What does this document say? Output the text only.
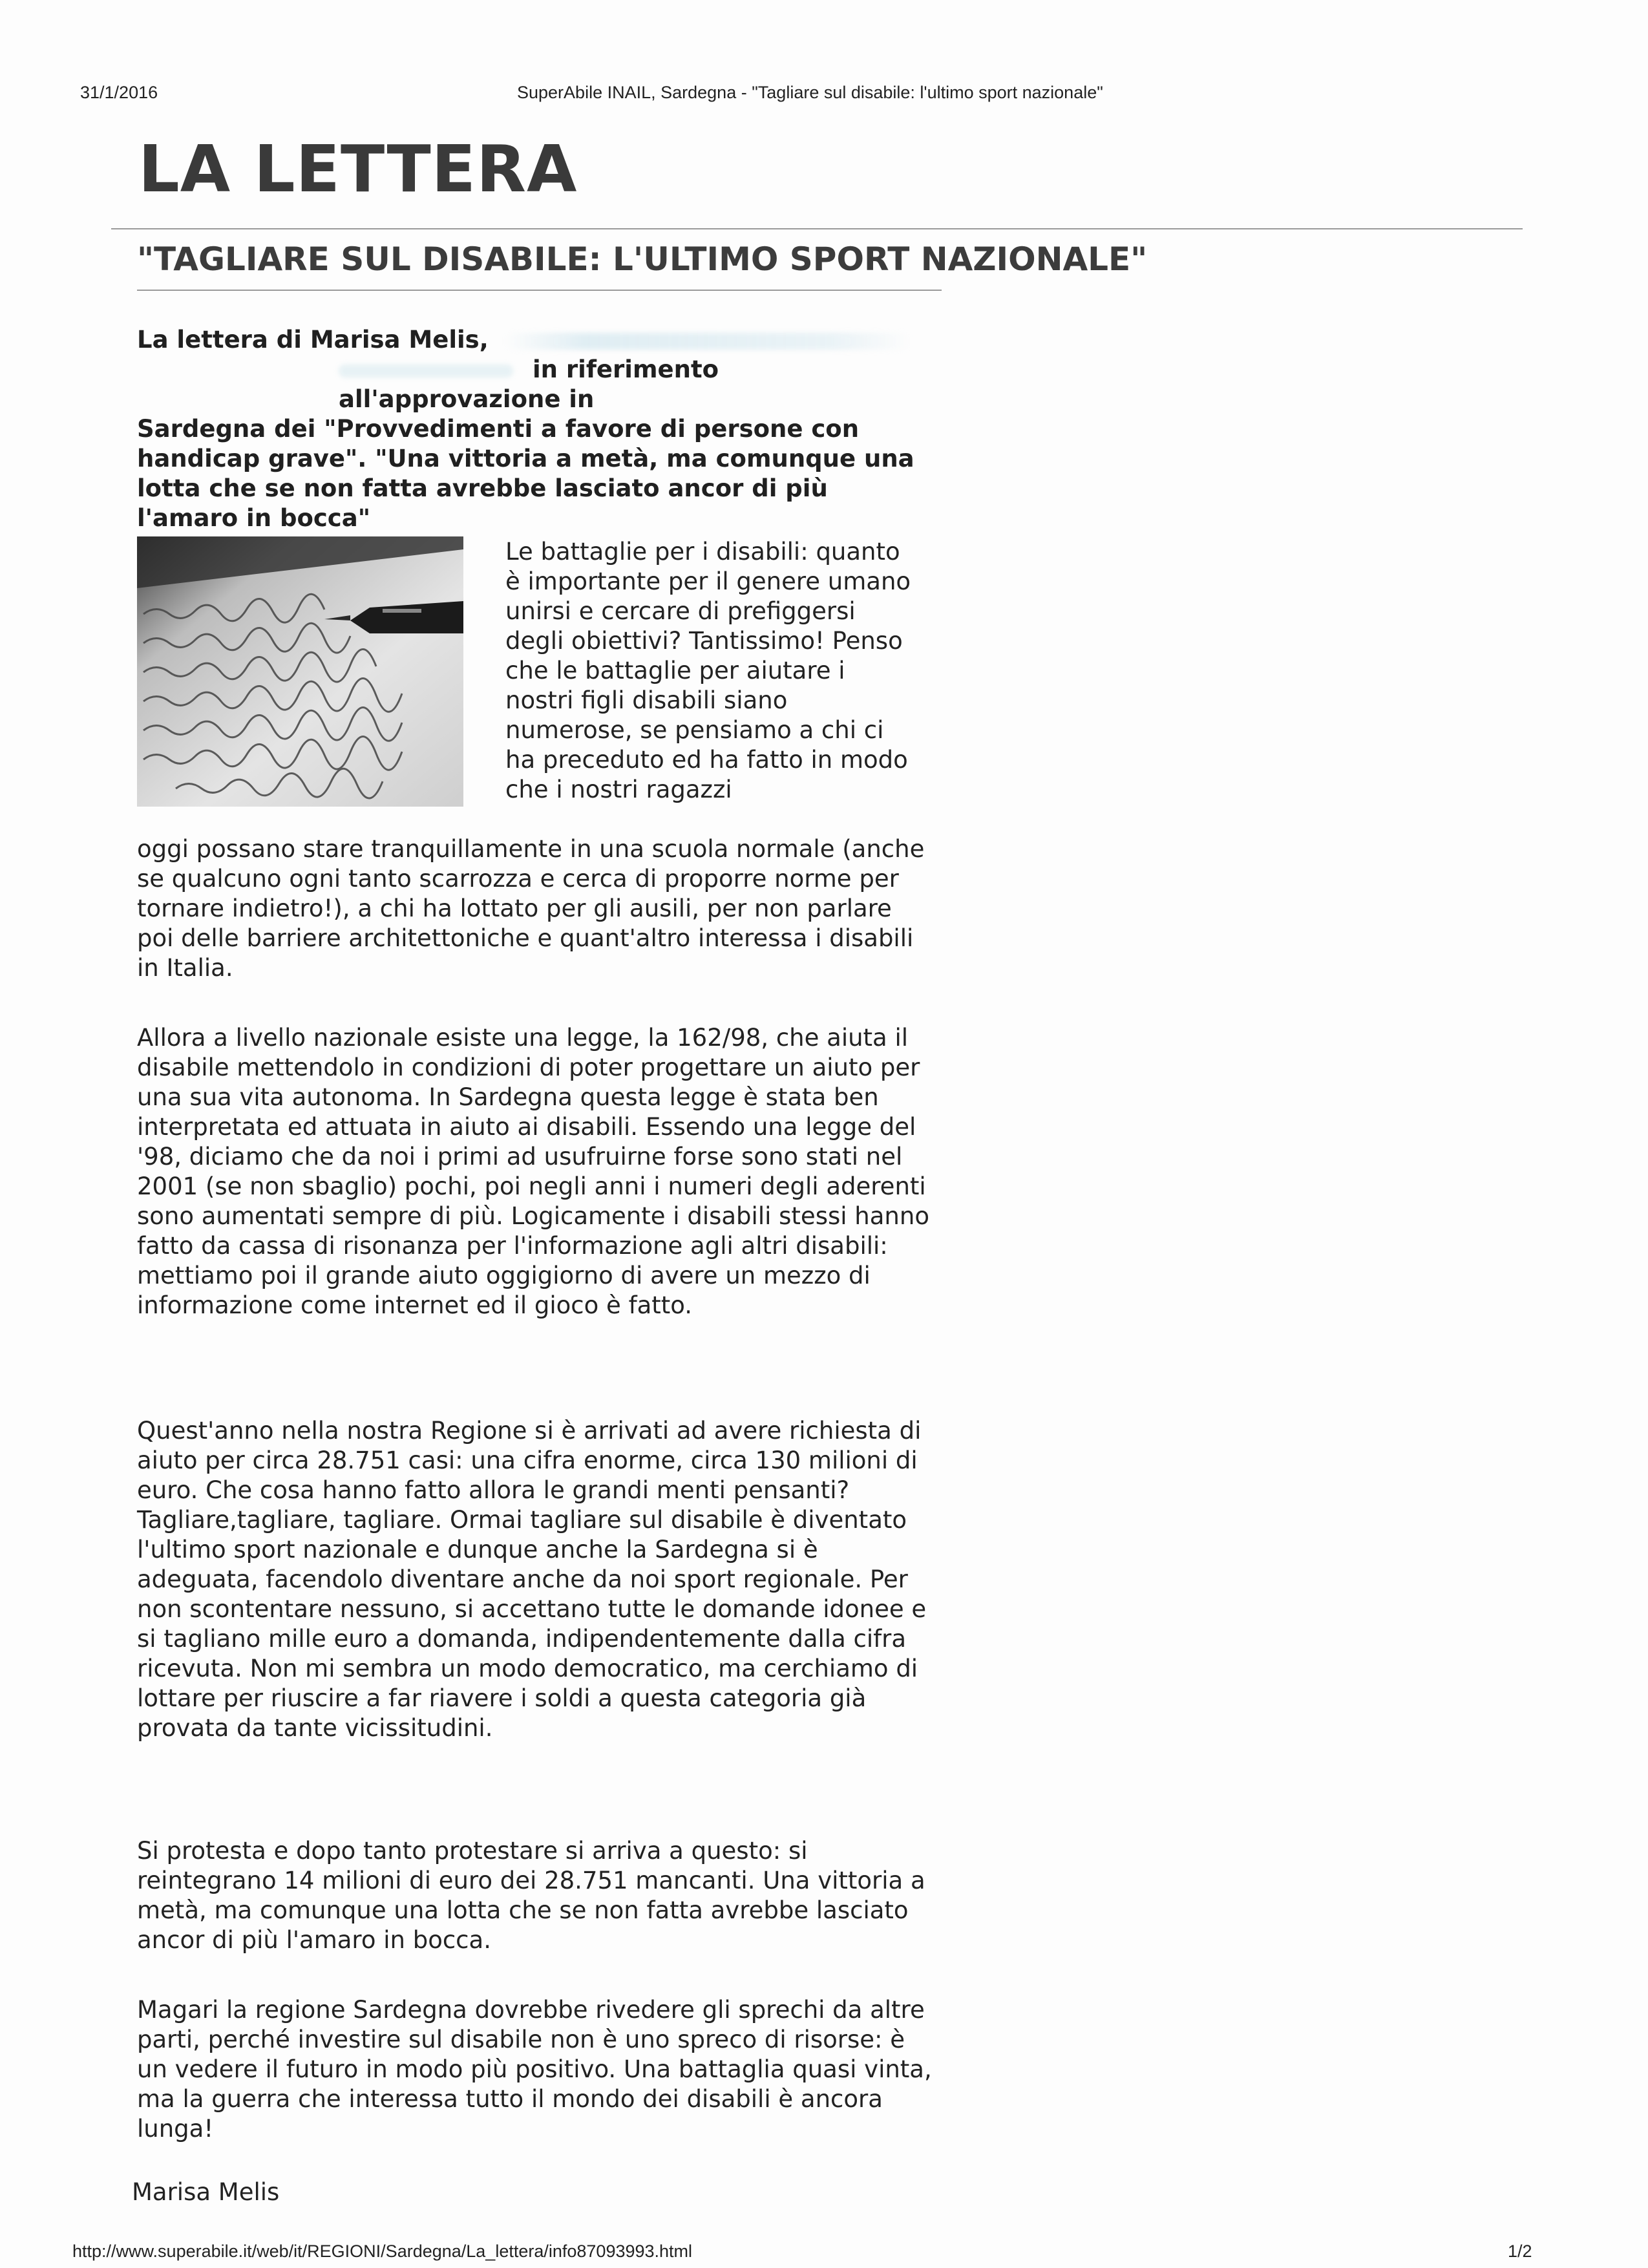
31/1/2016	SuperAbile INAIL, Sardegna - "Tagliare sul disabile: l'ultimo sport nazionale"
LA LETTERA
"TAGLIARE SUL DISABILE: L'ULTIMO SPORT NAZIONALE"

La lettera di Marisa Melis,

in riferimento all'approvazione in

Sardegna dei "Provvedimenti a favore di persone con handicap grave". "Una vittoria a metà, ma comunque una lotta che se non fatta avrebbe lasciato ancor di più l'amaro in bocca"

Le battaglie per i disabili: quanto è importante per il genere umano unirsi e cercare di prefiggersi degli obiettivi? Tantissimo! Penso che le battaglie per aiutare i nostri figli disabili siano numerose, se pensiamo a chi ci ha preceduto ed ha fatto in modo che i nostri ragazzi
oggi possano stare tranquillamente in una scuola normale (anche se qualcuno ogni tanto scarrozza e cerca di proporre norme per tornare indietro!), a chi ha lottato per gli ausili, per non parlare poi delle barriere architettoniche e quant'altro interessa i disabili in Italia.
Allora a livello nazionale esiste una legge, la 162/98, che aiuta il disabile mettendolo in condizioni di poter progettare un aiuto per una sua vita autonoma. In Sardegna questa legge è stata ben interpretata ed attuata in aiuto ai disabili. Essendo una legge del '98, diciamo che da noi i primi ad usufruirne forse sono stati nel 2001 (se non sbaglio) pochi, poi negli anni i numeri degli aderenti sono aumentati sempre di più. Logicamente i disabili stessi hanno fatto da cassa di risonanza per l'informazione agli altri disabili: mettiamo poi il grande aiuto oggigiorno di avere un mezzo di informazione come internet ed il gioco è fatto.
Quest'anno nella nostra Regione si è arrivati ad avere richiesta di aiuto per circa 28.751 casi: una cifra enorme, circa 130 milioni di euro. Che cosa hanno fatto allora le grandi menti pensanti? Tagliare,tagliare, tagliare. Ormai tagliare sul disabile è diventato l'ultimo sport nazionale e dunque anche la Sardegna si è adeguata, facendolo diventare anche da noi sport regionale. Per non scontentare nessuno, si accettano tutte le domande idonee e si tagliano mille euro a domanda, indipendentemente dalla cifra ricevuta. Non mi sembra un modo democratico, ma cerchiamo di lottare per riuscire a far riavere i soldi a questa categoria già provata da tante vicissitudini.
Si protesta e dopo tanto protestare si arriva a questo: si reintegrano 14 milioni di euro dei 28.751 mancanti. Una vittoria a metà, ma comunque una lotta che se non fatta avrebbe lasciato ancor di più l'amaro in bocca.
Magari la regione Sardegna dovrebbe rivedere gli sprechi da altre parti, perché investire sul disabile non è uno spreco di risorse: è un vedere il futuro in modo più positivo. Una battaglia quasi vinta, ma la guerra che interessa tutto il mondo dei disabili è ancora lunga!
Marisa Melis
http://www.superabile.it/web/it/REGIONI/Sardegna/La_lettera/info87093993.html	1/2
